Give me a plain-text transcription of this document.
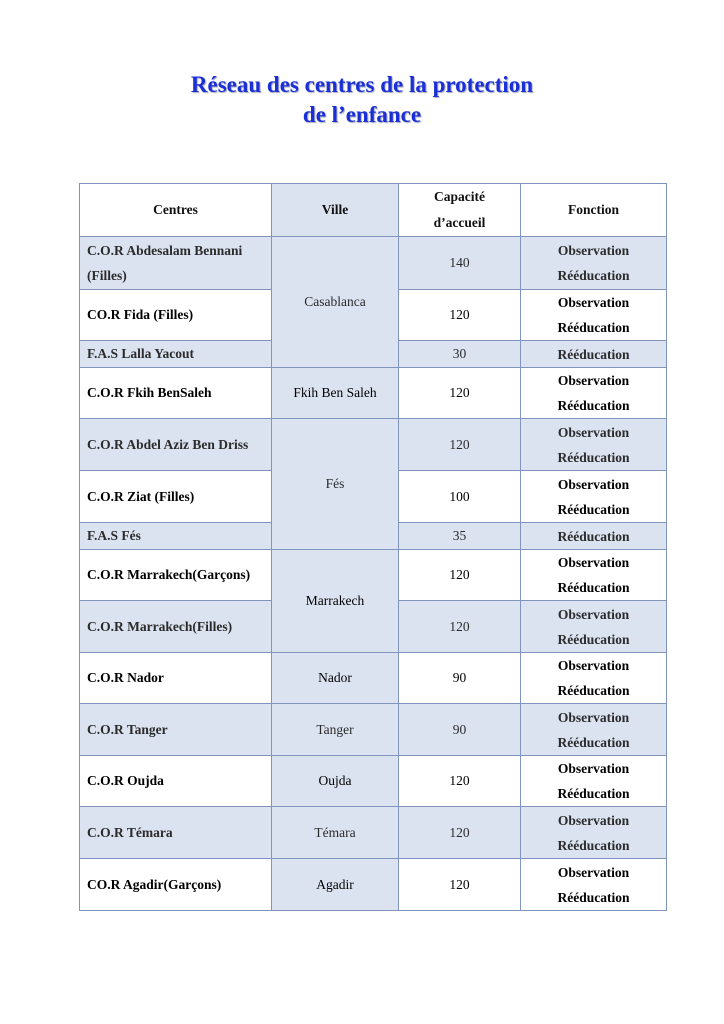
Réseau des centres de la protection
de l’enfance
Centres	Ville	Capacité
d’accueil	Fonction
C.O.R Abdesalam Bennani (Filles)	Casablanca	140	Observation
Rééducation

CO.R Fida (Filles)		120	Observation
Rééducation

F.A.S Lalla Yacout		30	Rééducation

C.O.R Fkih BenSaleh	Fkih Ben Saleh	120	Observation
Rééducation

C.O.R Abdel Aziz Ben Driss	Fés	120	Observation
Rééducation

C.O.R Ziat (Filles)		100	Observation
Rééducation

F.A.S Fés		35	Rééducation

C.O.R Marrakech(Garçons)	Marrakech	120	Observation
Rééducation

C.O.R Marrakech(Filles)		120	Observation
Rééducation

C.O.R Nador	Nador	90	Observation
Rééducation

C.O.R Tanger	Tanger	90	Observation
Rééducation

C.O.R Oujda	Oujda	120	Observation
Rééducation

C.O.R Témara	Témara	120	Observation
Rééducation

CO.R Agadir(Garçons)	Agadir	120	Observation
Rééducation
